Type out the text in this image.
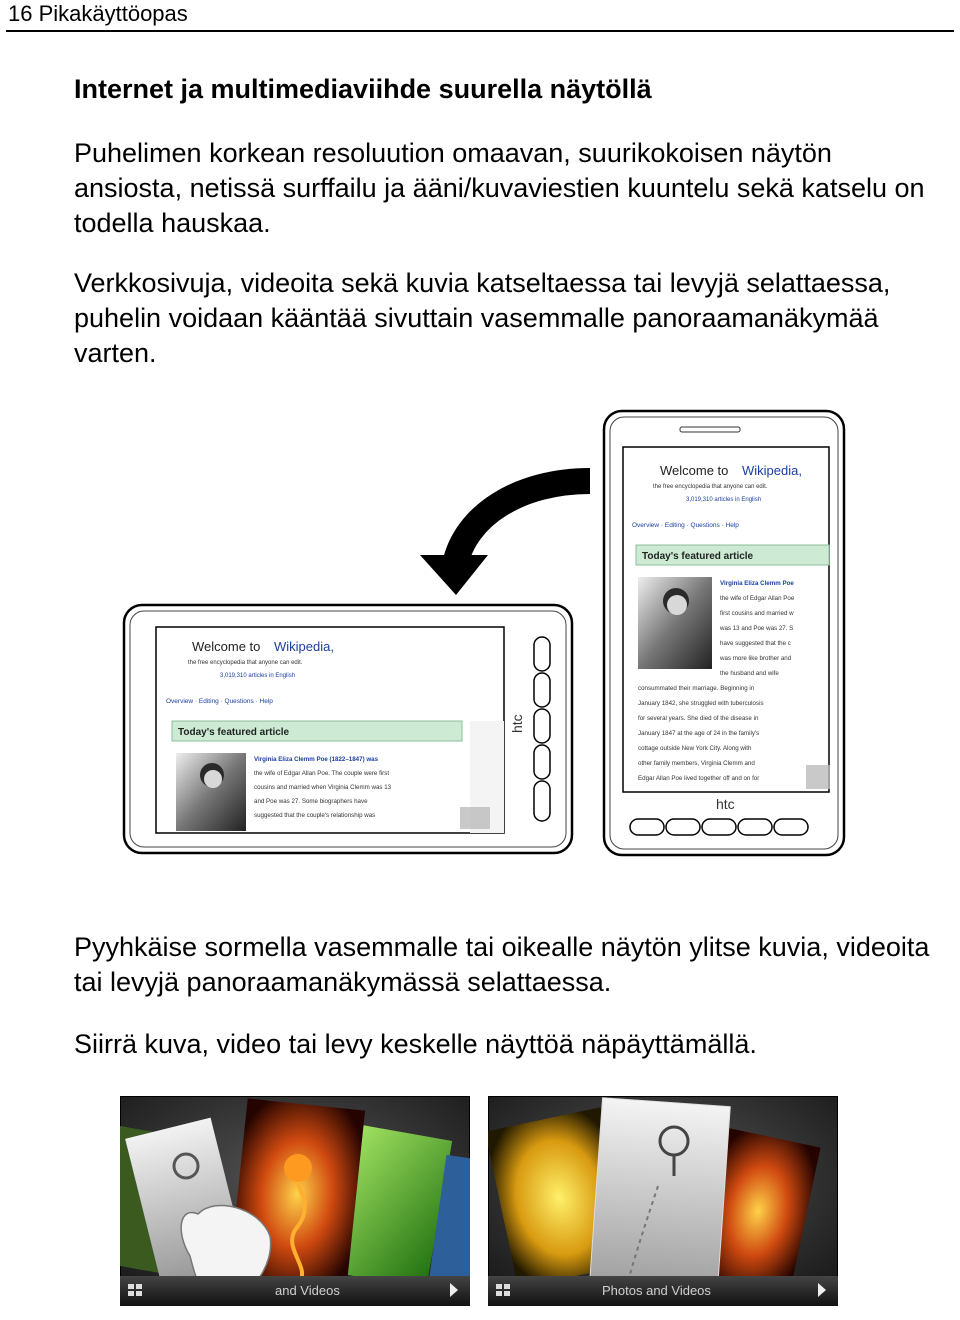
16 Pikakäyttöopas
Internet ja multimediaviihde suurella näytöllä

Puhelimen korkean resoluution omaavan, suurikokoisen näytön ansiosta, netissä surffailu ja ääni/kuvaviestien kuuntelu sekä katselu on todella hauskaa.

Verkkosivuja, videoita sekä kuvia katseltaessa tai levyjä selattaessa, puhelin voidaan kääntää sivuttain vasemmalle panoraamanäkymää varten.

Welcome to Wikipedia,
the free encyclopedia that anyone can edit.
3,019,310 articles in English
Overview · Editing · Questions · Help
Today's featured article
Virginia Eliza Clemm Poe
the wife of Edgar Allan Poe
first cousins and married w
was 13 and Poe was 27. S
have suggested that the c
was more like brother and
the husband and wife
consummated their marriage. Beginning in
January 1842, she struggled with tuberculosis
for several years. She died of the disease in
January 1847 at the age of 24 in the family's
cottage outside New York City. Along with
other family members, Virginia Clemm and
Edgar Allan Poe lived together off and on for
htc
Welcome to Wikipedia,
the free encyclopedia that anyone can edit.
3,019,310 articles in English
Overview · Editing · Questions · Help
Today's featured article
Virginia Eliza Clemm Poe (1822–1847) was
the wife of Edgar Allan Poe. The couple were first
cousins and married when Virginia Clemm was 13
and Poe was 27. Some biographers have
suggested that the couple's relationship was
htc

Pyyhkäise sormella vasemmalle tai oikealle näytön ylitse kuvia, videoita tai levyjä panoraamanäkymässä selattaessa.

Siirrä kuva, video tai levy keskelle näyttöä näpäyttämällä.

and Videos	Photos and Videos
